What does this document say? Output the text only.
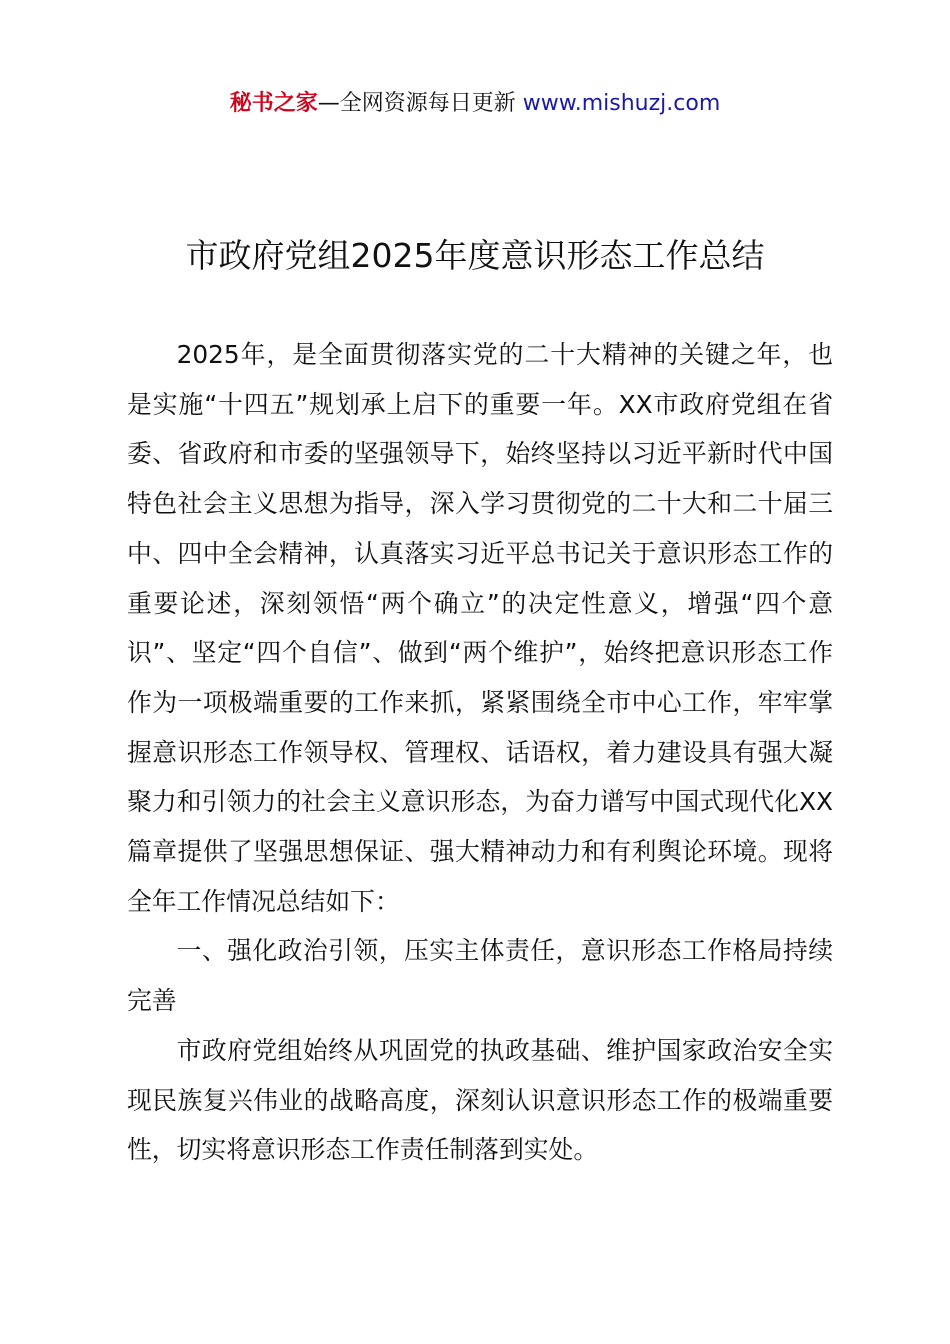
秘书之家—全网资源每日更新 www.mishuzj.com
市政府党组2025年度意识形态工作总结

2025年，是全面贯彻落实党的二十大精神的关键之年，也是实施“十四五”规划承上启下的重要一年。XX市政府党组在省委、省政府和市委的坚强领导下，始终坚持以习近平新时代中国特色社会主义思想为指导，深入学习贯彻党的二十大和二十届三中、四中全会精神，认真落实习近平总书记关于意识形态工作的重要论述，深刻领悟“两个确立”的决定性意义，增强“四个意识”、坚定“四个自信”、做到“两个维护”，始终把意识形态工作作为一项极端重要的工作来抓，紧紧围绕全市中心工作，牢牢掌握意识形态工作领导权、管理权、话语权，着力建设具有强大凝聚力和引领力的社会主义意识形态，为奋力谱写中国式现代化XX篇章提供了坚强思想保证、强大精神动力和有利舆论环境。现将全年工作情况总结如下：

一、强化政治引领，压实主体责任，意识形态工作格局持续完善

市政府党组始终从巩固党的执政基础、维护国家政治安全实现民族复兴伟业的战略高度，深刻认识意识形态工作的极端重要性，切实将意识形态工作责任制落到实处。
